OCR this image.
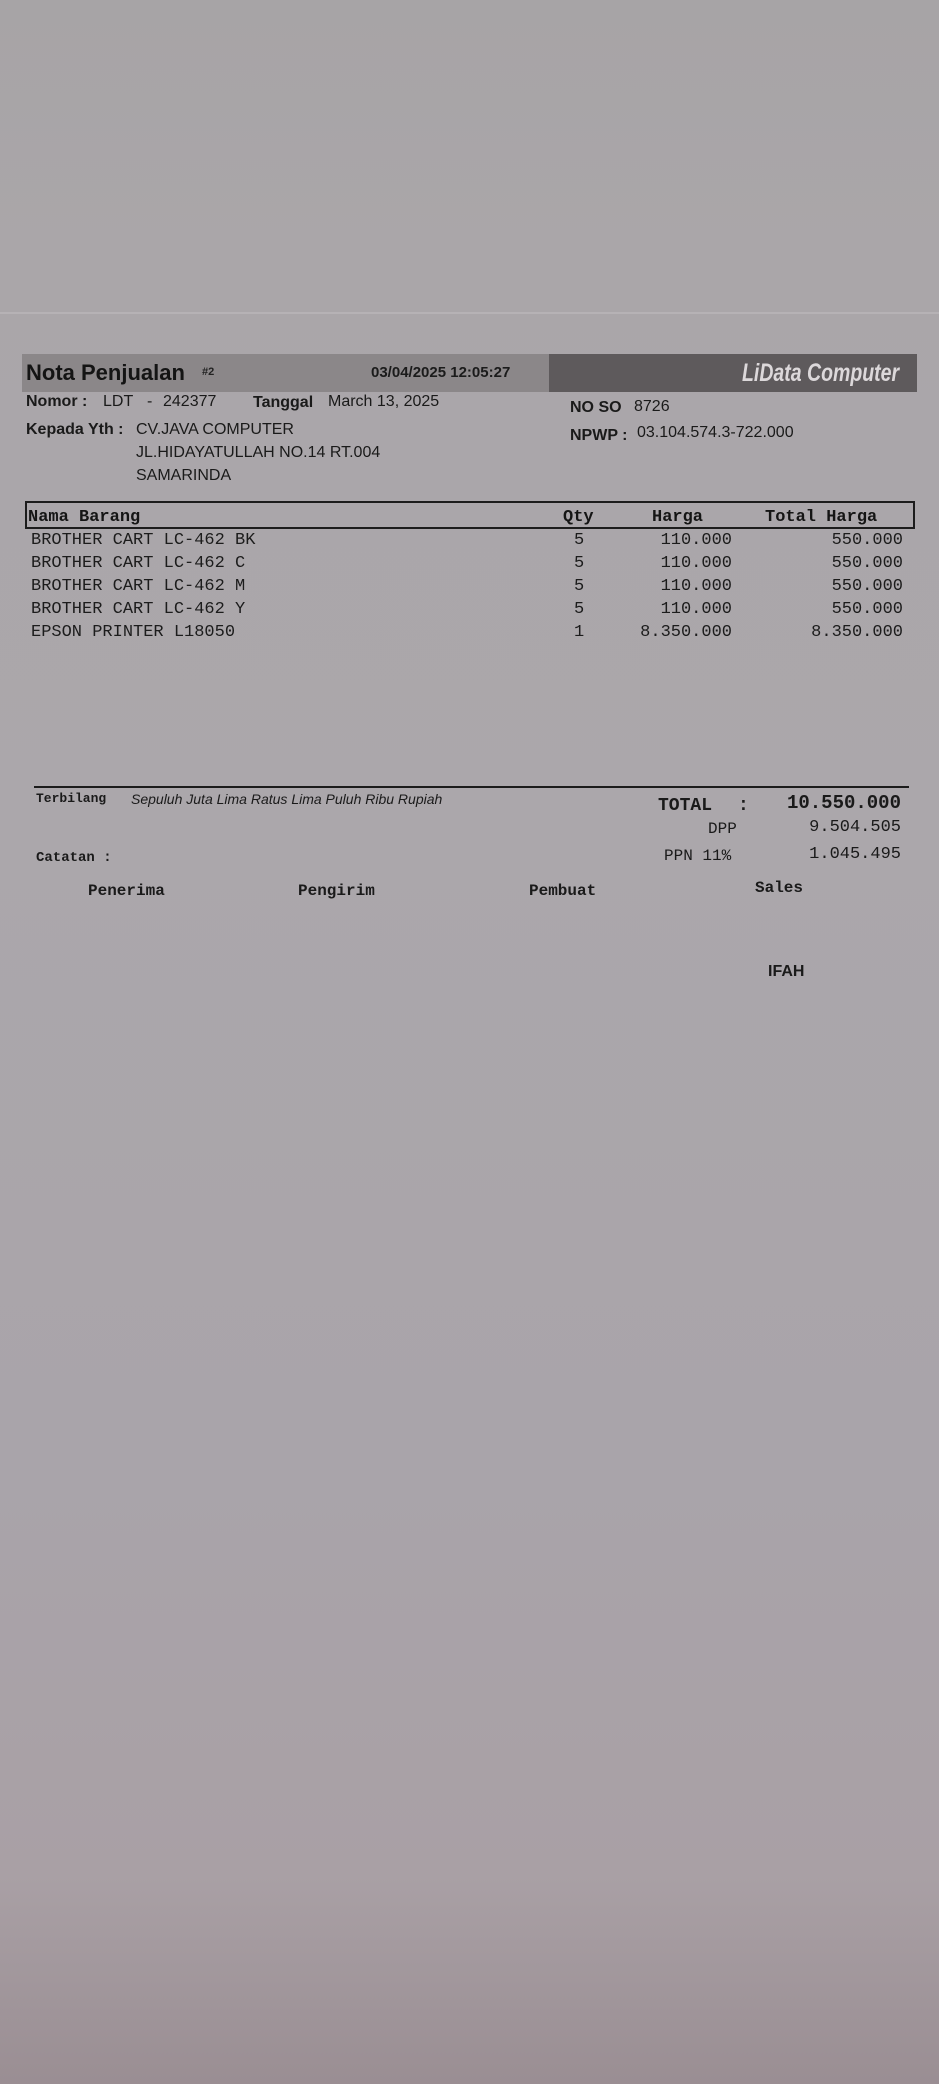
Nota Penjualan #2	03/04/2025 12:05:27	LiData Computer
Nomor : LDT - 242377 Tanggal March 13, 2025	NO SO 8726
Kepada Yth : CV.JAVA COMPUTER
JL.HIDAYATULLAH NO.14 RT.004
SAMARINDA
NPWP : 03.104.574.3-722.000
Nama Barang	Qty	Harga	Total Harga
BROTHER CART LC-462 BK	5	110.000	550.000
BROTHER CART LC-462 C	5	110.000	550.000
BROTHER CART LC-462 M	5	110.000	550.000
BROTHER CART LC-462 Y	5	110.000	550.000
EPSON PRINTER L18050	1	8.350.000	8.350.000
Terbilang Sepuluh Juta Lima Ratus Lima Puluh Ribu Rupiah	TOTAL : 10.550.000
DPP	9.504.505
PPN 11%	1.045.495
Catatan :
Penerima	Pengirim	Pembuat	Sales
IFAH
